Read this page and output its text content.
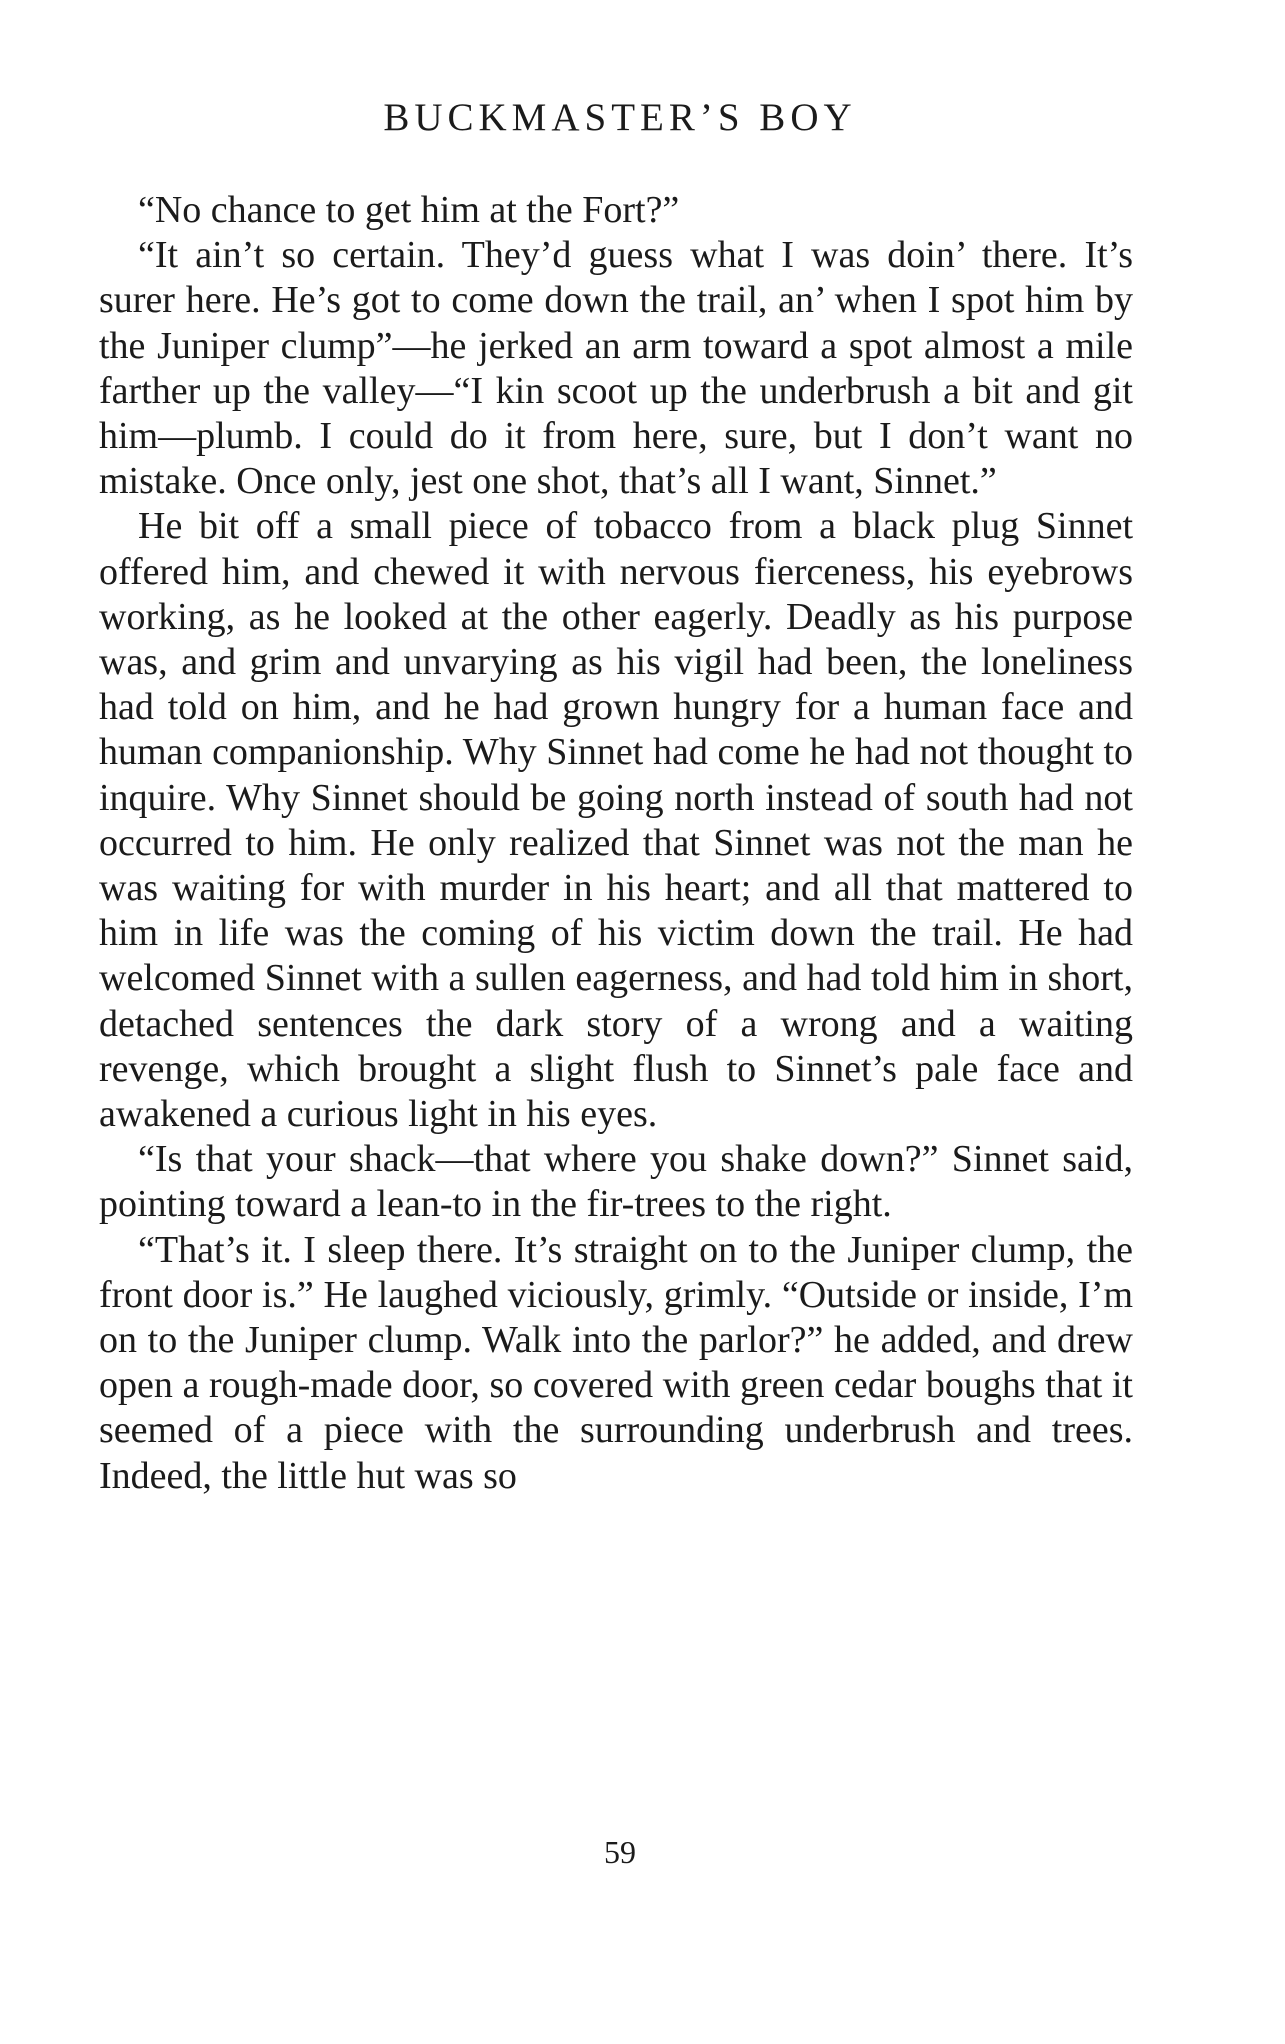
BUCKMASTER’S BOY

“No chance to get him at the Fort?”

“It ain’t so certain. They’d guess what I was doin’ there. It’s surer here. He’s got to come down the trail, an’ when I spot him by the Juniper clump”—he jerked an arm toward a spot almost a mile farther up the valley—“I kin scoot up the underbrush a bit and git him—plumb. I could do it from here, sure, but I don’t want no mistake. Once only, jest one shot, that’s all I want, Sinnet.”

He bit off a small piece of tobacco from a black plug Sinnet offered him, and chewed it with nervous fierceness, his eyebrows working, as he looked at the other eagerly. Deadly as his purpose was, and grim and unvarying as his vigil had been, the loneliness had told on him, and he had grown hungry for a human face and human companionship. Why Sinnet had come he had not thought to inquire. Why Sinnet should be going north instead of south had not occurred to him. He only realized that Sinnet was not the man he was waiting for with murder in his heart; and all that mattered to him in life was the coming of his victim down the trail. He had welcomed Sinnet with a sullen eagerness, and had told him in short, detached sentences the dark story of a wrong and a waiting revenge, which brought a slight flush to Sinnet’s pale face and awakened a curious light in his eyes.

“Is that your shack—that where you shake down?” Sinnet said, pointing toward a lean-to in the fir-trees to the right.

“That’s it. I sleep there. It’s straight on to the Juniper clump, the front door is.” He laughed viciously, grimly. “Outside or inside, I’m on to the Juniper clump. Walk into the parlor?” he added, and drew open a rough-made door, so covered with green cedar boughs that it seemed of a piece with the surrounding underbrush and trees. Indeed, the little hut was so

59
